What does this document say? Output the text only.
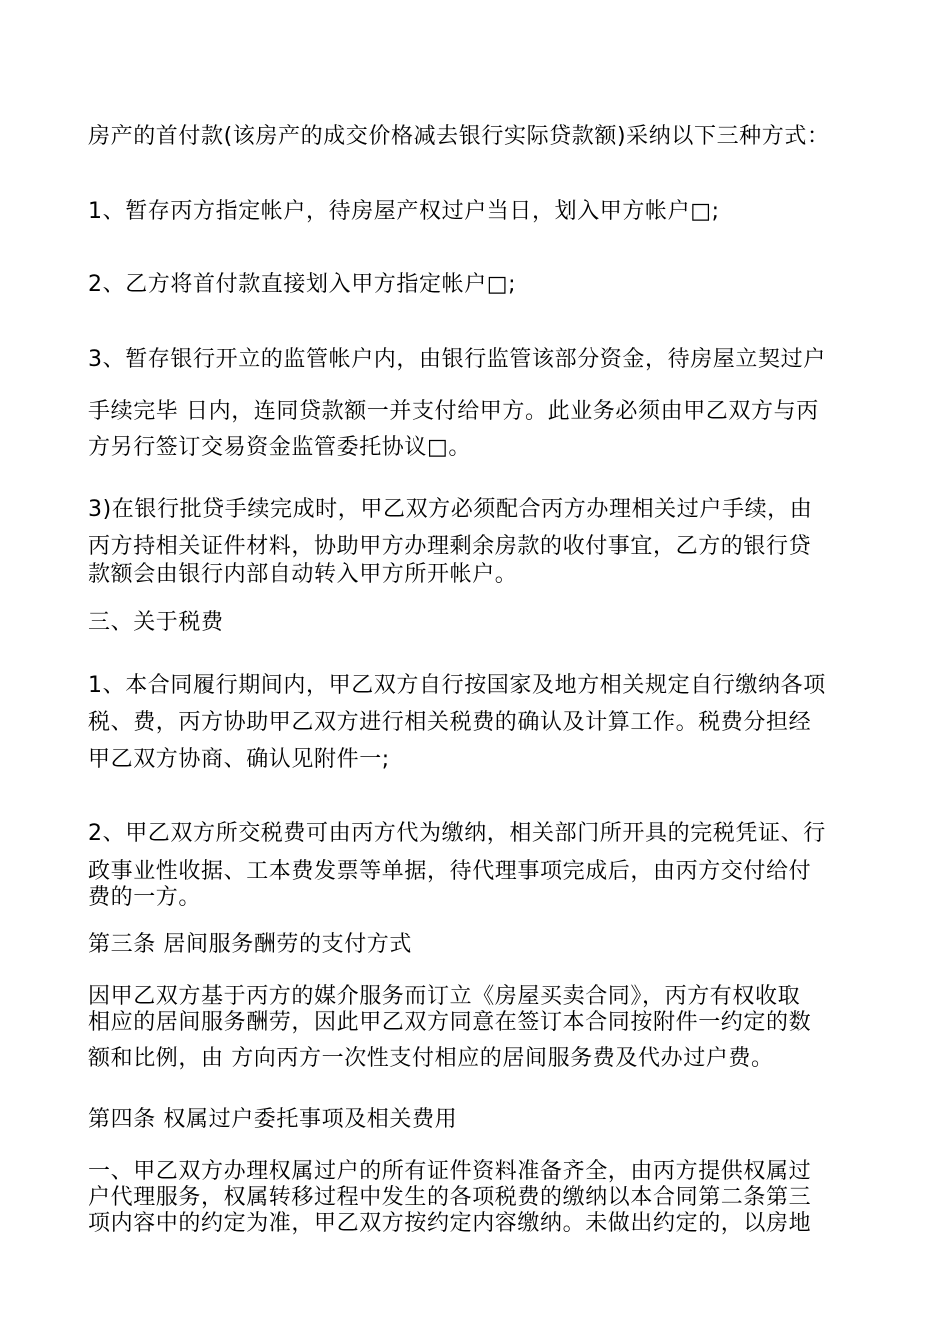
房产的首付款(该房产的成交价格减去银行实际贷款额)采纳以下三种方式：

1、暂存丙方指定帐户，待房屋产权过户当日，划入甲方帐户□;

2、乙方将首付款直接划入甲方指定帐户□;

3、暂存银行开立的监管帐户内，由银行监管该部分资金，待房屋立契过户

手续完毕 日内，连同贷款额一并支付给甲方。此业务必须由甲乙双方与丙

方另行签订交易资金监管委托协议□。

3)在银行批贷手续完成时，甲乙双方必须配合丙方办理相关过户手续，由

丙方持相关证件材料，协助甲方办理剩余房款的收付事宜，乙方的银行贷

款额会由银行内部自动转入甲方所开帐户。

三、关于税费

1、本合同履行期间内，甲乙双方自行按国家及地方相关规定自行缴纳各项

税、费，丙方协助甲乙双方进行相关税费的确认及计算工作。税费分担经

甲乙双方协商、确认见附件一;

2、甲乙双方所交税费可由丙方代为缴纳，相关部门所开具的完税凭证、行

政事业性收据、工本费发票等单据，待代理事项完成后，由丙方交付给付

费的一方。

第三条 居间服务酬劳的支付方式

因甲乙双方基于丙方的媒介服务而订立《房屋买卖合同》，丙方有权收取

相应的居间服务酬劳，因此甲乙双方同意在签订本合同按附件一约定的数

额和比例，由 方向丙方一次性支付相应的居间服务费及代办过户费。

第四条 权属过户委托事项及相关费用

一、甲乙双方办理权属过户的所有证件资料准备齐全，由丙方提供权属过

户代理服务，权属转移过程中发生的各项税费的缴纳以本合同第二条第三

项内容中的约定为准，甲乙双方按约定内容缴纳。未做出约定的，以房地
